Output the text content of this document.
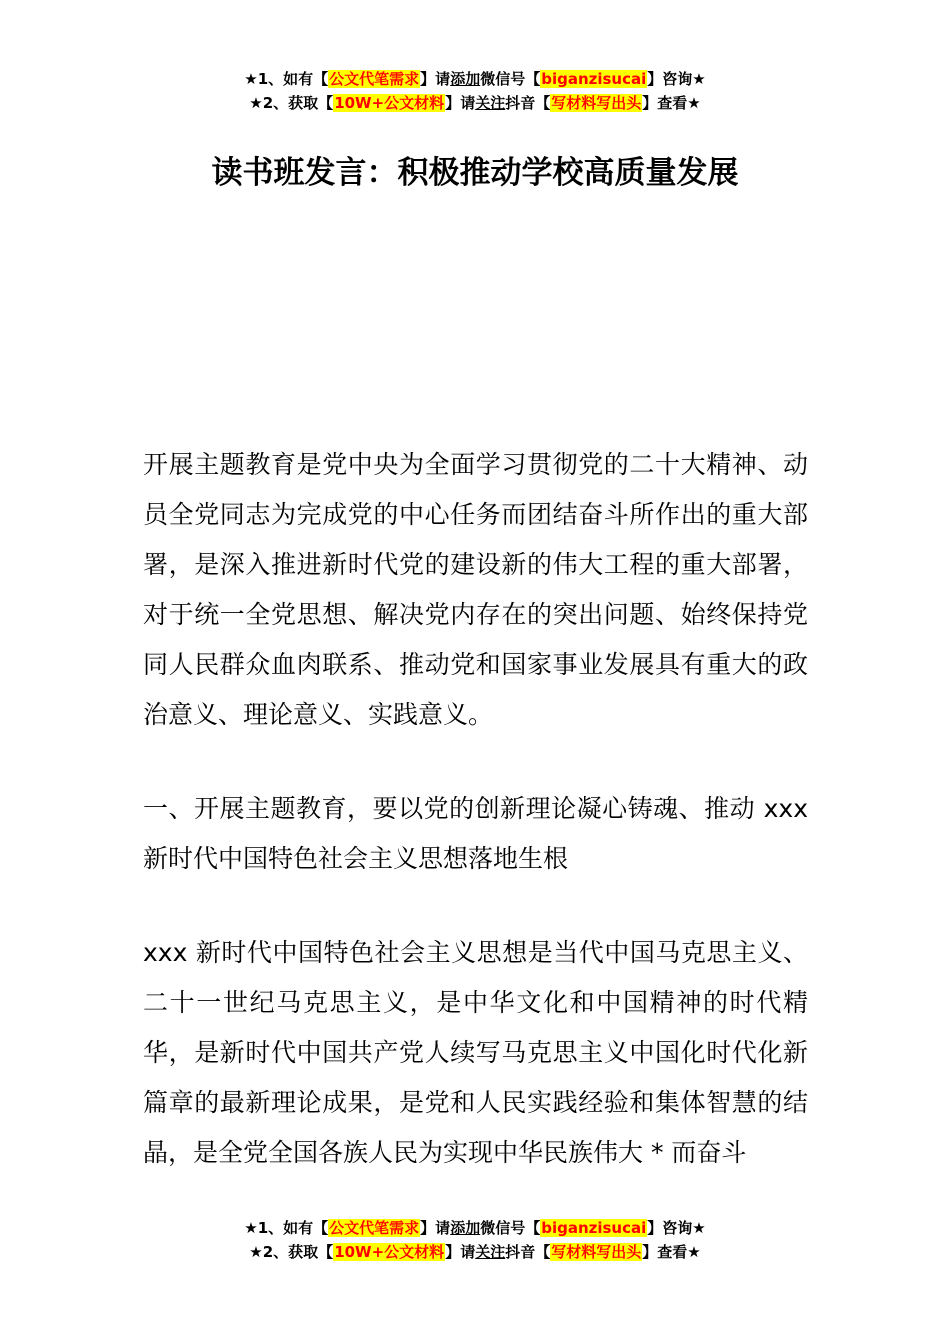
★1、如有【公文代笔需求】请添加微信号【biganzisucai】咨询★
★2、获取【10W+公文材料】请关注抖音【写材料写出头】查看★
读书班发言：积极推动学校高质量发展

开展主题教育是党中央为全面学习贯彻党的二十大精神、动员全党同志为完成党的中心任务而团结奋斗所作出的重大部署，是深入推进新时代党的建设新的伟大工程的重大部署，对于统一全党思想、解决党内存在的突出问题、始终保持党同人民群众血肉联系、推动党和国家事业发展具有重大的政治意义、理论意义、实践意义。

一、开展主题教育，要以党的创新理论凝心铸魂、推动 xxx 新时代中国特色社会主义思想落地生根

xxx 新时代中国特色社会主义思想是当代中国马克思主义、二十一世纪马克思主义，是中华文化和中国精神的时代精华，是新时代中国共产党人续写马克思主义中国化时代化新篇章的最新理论成果，是党和人民实践经验和集体智慧的结晶，是全党全国各族人民为实现中华民族伟大 * 而奋斗

★1、如有【公文代笔需求】请添加微信号【biganzisucai】咨询★
★2、获取【10W+公文材料】请关注抖音【写材料写出头】查看★
